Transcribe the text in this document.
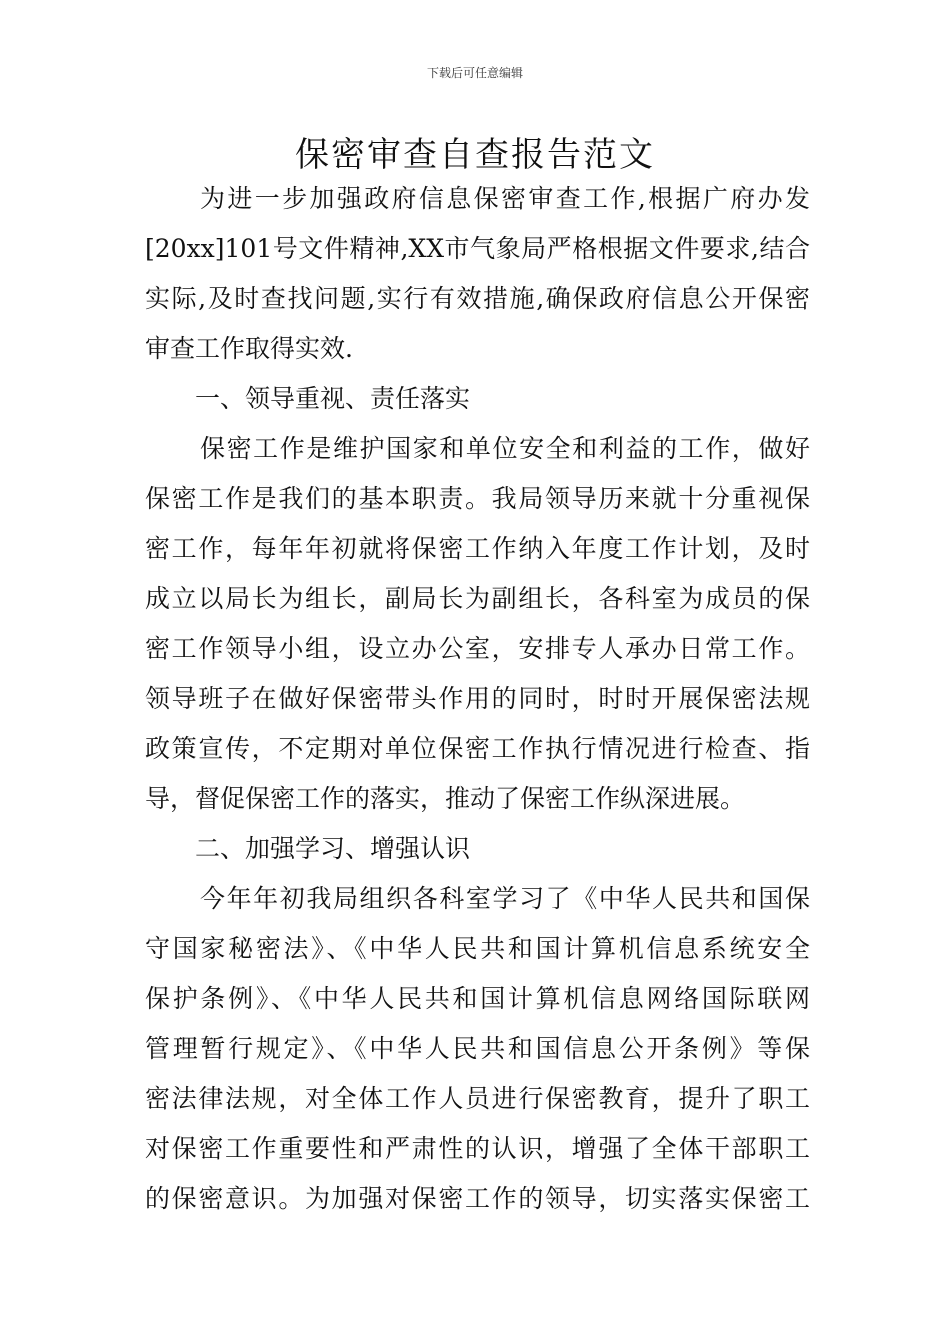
下载后可任意编辑
保密审查自查报告范文
为进一步加强政府信息保密审查工作,根据广府办发
[20xx]101号文件精神,XX市气象局严格根据文件要求,结合
实际,及时查找问题,实行有效措施,确保政府信息公开保密
审查工作取得实效.
一、领导重视、责任落实
保密工作是维护国家和单位安全和利益的工作，做好
保密工作是我们的基本职责。我局领导历来就十分重视保
密工作，每年年初就将保密工作纳入年度工作计划，及时
成立以局长为组长，副局长为副组长，各科室为成员的保
密工作领导小组，设立办公室，安排专人承办日常工作。
领导班子在做好保密带头作用的同时，时时开展保密法规
政策宣传，不定期对单位保密工作执行情况进行检查、指
导，督促保密工作的落实，推动了保密工作纵深进展。
二、加强学习、增强认识
今年年初我局组织各科室学习了《中华人民共和国保
守国家秘密法》、《中华人民共和国计算机信息系统安全
保护条例》、《中华人民共和国计算机信息网络国际联网
管理暂行规定》、《中华人民共和国信息公开条例》等保
密法律法规，对全体工作人员进行保密教育，提升了职工
对保密工作重要性和严肃性的认识，增强了全体干部职工
的保密意识。为加强对保密工作的领导，切实落实保密工
